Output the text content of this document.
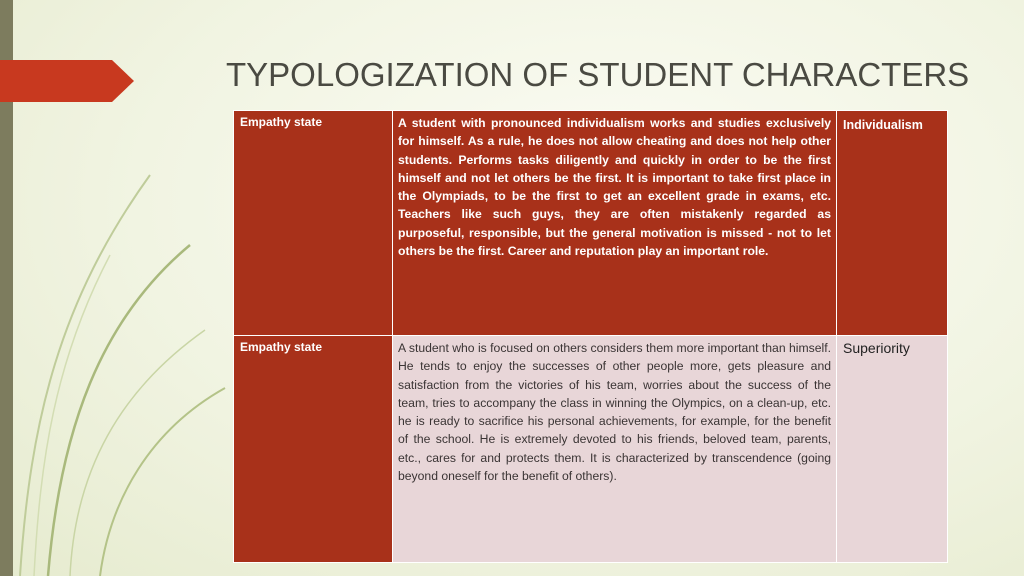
TYPOLOGIZATION OF STUDENT CHARACTERS
Empathy state	A student with pronounced individualism works and studies exclusively for himself. As a rule, he does not allow cheating and does not help other students. Performs tasks diligently and quickly in order to be the first himself and not let others be the first. It is important to take first place in the Olympiads, to be the first to get an excellent grade in exams, etc. Teachers like such guys, they are often mistakenly regarded as purposeful, responsible, but the general motivation is missed - not to let others be the first. Career and reputation play an important role.	Individualism
Empathy state	A student who is focused on others considers them more important than himself. He tends to enjoy the successes of other people more, gets pleasure and satisfaction from the victories of his team, worries about the success of the team, tries to accompany the class in winning the Olympics, on a clean-up, etc. he is ready to sacrifice his personal achievements, for example, for the benefit of the school. He is extremely devoted to his friends, beloved team, parents, etc., cares for and protects them. It is characterized by transcendence (going beyond oneself for the benefit of others).	Superiority
